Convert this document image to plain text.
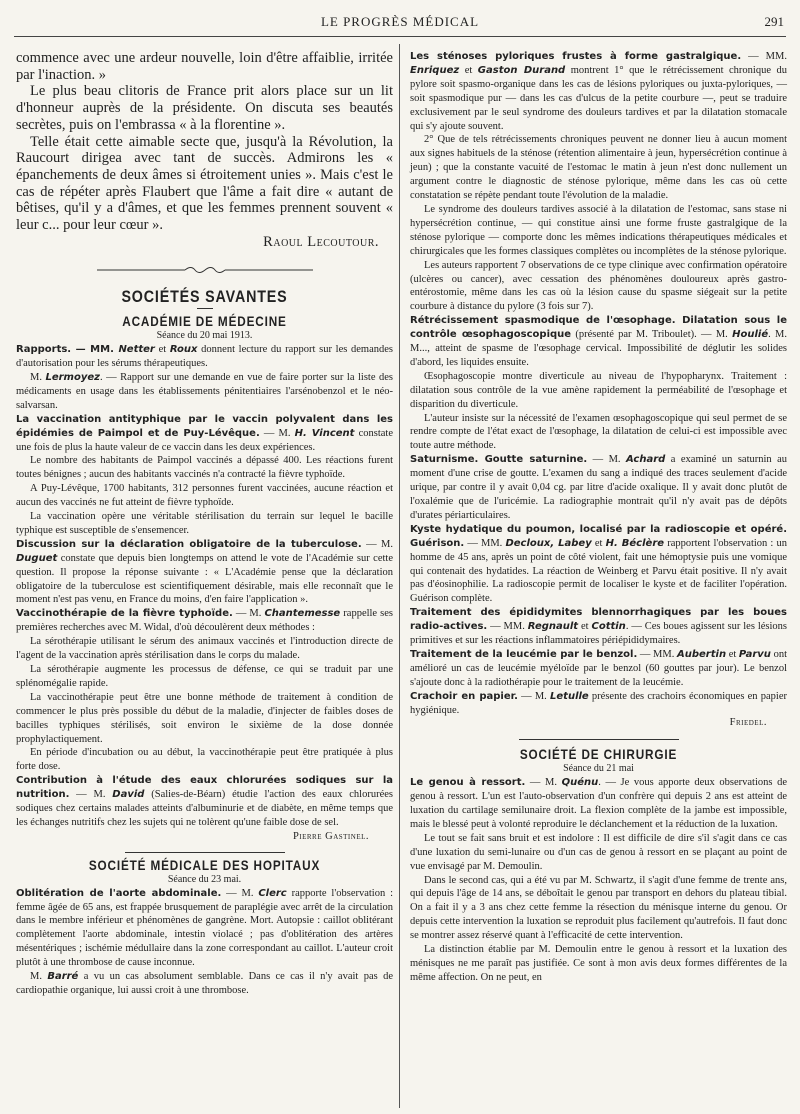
LE PROGRÈS MÉDICAL	291

commence avec une ardeur nouvelle, loin d'être affaiblie, irritée par l'inaction. »

Le plus beau clitoris de France prit alors place sur un lit d'honneur auprès de la présidente. On discuta ses beautés secrètes, puis on l'embrassa « à la florentine ».

Telle était cette aimable secte que, jusqu'à la Révolution, la Raucourt dirigea avec tant de succès. Admirons les « épanchements de deux âmes si étroitement unies ». Mais c'est le cas de répéter après Flaubert que l'âme a fait dire « autant de bêtises, qu'il y a d'âmes, et que les femmes prennent souvent « leur c... pour leur cœur ».

Raoul Lecoutour.

SOCIÉTÉS SAVANTES
ACADÉMIE DE MÉDECINE

Séance du 20 mai 1913.

Rapports. — MM. Netter et Roux donnent lecture du rapport sur les demandes d'autorisation pour les sérums thérapeutiques.

M. Lermoyez. — Rapport sur une demande en vue de faire porter sur la liste des médicaments en usage dans les établissements pénitentiaires l'arsénobenzol et le néo-salvarsan.

La vaccination antityphique par le vaccin polyvalent dans les épidémies de Paimpol et de Puy-Lévêque. — M. H. Vincent constate une fois de plus la haute valeur de ce vaccin dans les deux expériences.

Le nombre des habitants de Paimpol vaccinés a dépassé 400. Les réactions furent toutes bénignes ; aucun des habitants vaccinés n'a contracté la fièvre typhoïde.

A Puy-Lévêque, 1700 habitants, 312 personnes furent vaccinées, aucune réaction et aucun des vaccinés ne fut atteint de fièvre typhoïde.

La vaccination opère une véritable stérilisation du terrain sur lequel le bacille typhique est susceptible de s'ensemencer.

Discussion sur la déclaration obligatoire de la tuberculose. — M. Duguet constate que depuis bien longtemps on attend le vote de l'Académie sur cette question. Il propose la réponse suivante : « L'Académie pense que la déclaration obligatoire de la tuberculose est scientifiquement désirable, mais elle reconnaît que le moment n'est pas venu, en France du moins, d'en faire l'application ».

Vaccinothérapie de la fièvre typhoïde. — M. Chantemesse rappelle ses premières recherches avec M. Widal, d'où découlèrent deux méthodes :

La sérothérapie utilisant le sérum des animaux vaccinés et l'introduction directe de l'agent de la vaccination après stérilisation dans le corps du malade.

La sérothérapie augmente les processus de défense, ce qui se traduit par une splénomégalie rapide.

La vaccinothérapie peut être une bonne méthode de traitement à condition de commencer le plus près possible du début de la maladie, d'injecter de faibles doses de bacilles typhiques stérilisés, soit environ le sixième de la dose donnée prophylactiquement.

En période d'incubation ou au début, la vaccinothérapie peut être pratiquée à plus forte dose.

Contribution à l'étude des eaux chlorurées sodiques sur la nutrition. — M. David (Salies-de-Béarn) étudie l'action des eaux chlorurées sodiques chez certains malades atteints d'albuminurie et de diabète, en même temps que les échanges nutritifs chez les sujets qui ne tolèrent qu'une faible dose de sel.

Pierre Gastinel.

SOCIÉTÉ MÉDICALE DES HOPITAUX

Séance du 23 mai.

Oblitération de l'aorte abdominale. — M. Clerc rapporte l'observation : femme âgée de 65 ans, est frappée brusquement de paraplégie avec arrêt de la circulation dans le membre inférieur et phénomènes de gangrène. Mort. Autopsie : caillot oblitérant complètement l'aorte abdominale, intestin violacé ; pas d'oblitération des artères mésentériques ; ischémie médullaire dans la zone correspondant au caillot. L'auteur croit plutôt à une thrombose de cause inconnue.

M. Barré a vu un cas absolument semblable. Dans ce cas il n'y avait pas de cardiopathie organique, lui aussi croit à une thrombose.

Les sténoses pyloriques frustes à forme gastralgique. — MM. Enriquez et Gaston Durand montrent 1° que le rétrécissement chronique du pylore soit spasmo-organique dans les cas de lésions pyloriques ou juxta-pyloriques, — soit spasmodique pur — dans les cas d'ulcus de la petite courbure —, peut se traduire exclusivement par le seul syndrome des douleurs tardives et par la dilatation stomacale qui s'y ajoute souvent.

2° Que de tels rétrécissements chroniques peuvent ne donner lieu à aucun moment aux signes habituels de la sténose (rétention alimentaire à jeun, hypersécrétion continue à jeun) ; que la constante vacuité de l'estomac le matin à jeun n'est donc nullement un argument contre le diagnostic de sténose pylorique, même dans les cas où cette constatation se répète pendant toute l'évolution de la maladie.

Le syndrome des douleurs tardives associé à la dilatation de l'estomac, sans stase ni hypersécrétion continue, — qui constitue ainsi une forme fruste gastralgique de la sténose pylorique — comporte donc les mêmes indications thérapeutiques médicales et chirurgicales que les formes classiques complètes ou incomplètes de la sténose pylorique.

Les auteurs rapportent 7 observations de ce type clinique avec confirmation opératoire (ulcères ou cancer), avec cessation des phénomènes douloureux après gastro-entérostomie, même dans les cas où la lésion cause du spasme siégeait sur la petite courbure à distance du pylore (3 fois sur 7).

Rétrécissement spasmodique de l'œsophage. Dilatation sous le contrôle œsophagoscopique (présenté par M. Triboulet). — M. Houlié. M. M..., atteint de spasme de l'œsophage cervical. Impossibilité de déglutir les solides d'abord, les liquides ensuite.

Œsophagoscopie montre diverticule au niveau de l'hypopharynx. Traitement : dilatation sous contrôle de la vue amène rapidement la perméabilité de l'œsophage et disparition du diverticule.

L'auteur insiste sur la nécessité de l'examen œsophagoscopique qui seul permet de se rendre compte de l'état exact de l'œsophage, la dilatation de celui-ci est impossible avec toute autre méthode.

Saturnisme. Goutte saturnine. — M. Achard a examiné un saturnin au moment d'une crise de goutte. L'examen du sang a indiqué des traces seulement d'acide urique, par contre il y avait 0,04 cg. par litre d'acide oxalique. Il y avait donc plutôt de l'oxalémie que de l'uricémie. La radiographie montrait qu'il n'y avait pas de dépôts d'urates périarticulaires.

Kyste hydatique du poumon, localisé par la radioscopie et opéré. Guérison. — MM. Decloux, Labey et H. Béclère rapportent l'observation : un homme de 45 ans, après un point de côté violent, fait une hémoptysie puis une vomique qui contenait des hydatides. La réaction de Weinberg et Parvu était positive. Il n'y avait pas d'éosinophilie. La radioscopie permit de localiser le kyste et de faciliter l'opération. Guérison complète.

Traitement des épididymites blennorrhagiques par les boues radio-actives. — MM. Regnault et Cottin. — Ces boues agissent sur les lésions primitives et sur les réactions inflammatoires périépididymaires.

Traitement de la leucémie par le benzol. — MM. Aubertin et Parvu ont amélioré un cas de leucémie myéloïde par le benzol (60 gouttes par jour). Le benzol s'ajoute donc à la radiothérapie pour le traitement de la leucémie.

Crachoir en papier. — M. Letulle présente des crachoirs économiques en papier hygiénique.

Friedel.

SOCIÉTÉ DE CHIRURGIE

Séance du 21 mai

Le genou à ressort. — M. Quénu. — Je vous apporte deux observations de genou à ressort. L'un est l'auto-observation d'un confrère qui depuis 2 ans est atteint de luxation du cartilage semilunaire droit. La flexion complète de la jambe est impossible, mais le blessé peut à volonté reproduire le déclanchement et la réduction de la luxation.

Le tout se fait sans bruit et est indolore : Il est difficile de dire s'il s'agit dans ce cas d'une luxation du semi-lunaire ou d'un cas de genou à ressort en se plaçant au point de vue envisagé par M. Demoulin.

Dans le second cas, qui a été vu par M. Schwartz, il s'agit d'une femme de trente ans, qui depuis l'âge de 14 ans, se déboîtait le genou par transport en dehors du plateau tibial. On a fait il y a 3 ans chez cette femme la résection du ménisque interne du genou. Or depuis cette intervention la luxation se reproduit plus facilement qu'autrefois. Il faut donc se montrer assez réservé quant à l'efficacité de cette intervention.

La distinction établie par M. Demoulin entre le genou à ressort et la luxation des ménisques ne me paraît pas justifiée. Ce sont à mon avis deux formes différentes de la même affection. On ne peut, en
